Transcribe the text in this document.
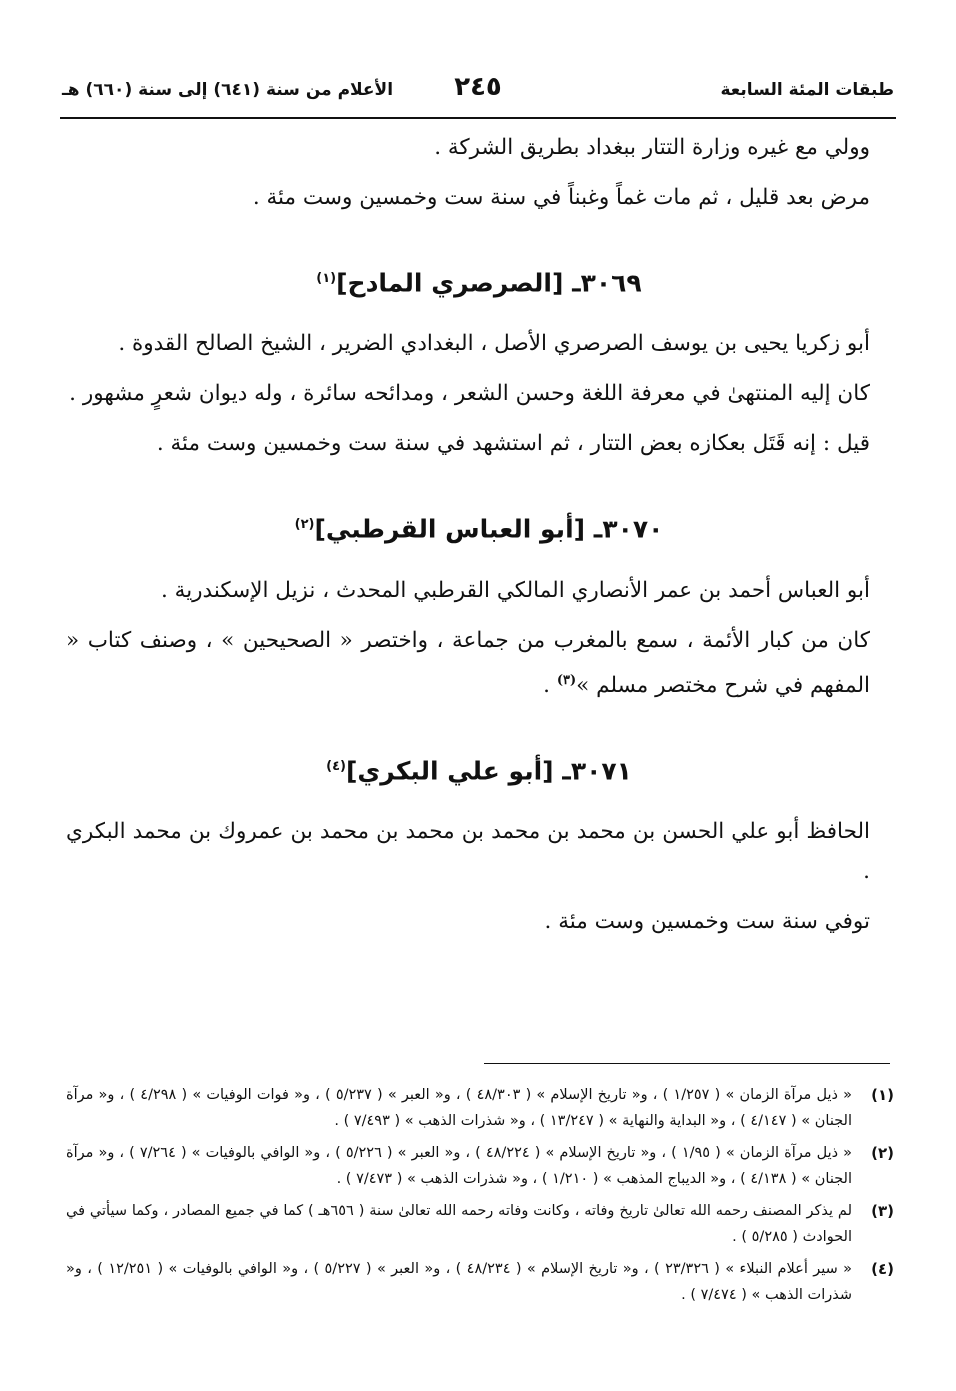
طبقات المئة السابعة
٢٤٥
الأعلام من سنة (٦٤١) إلى سنة (٦٦٠) هـ

وولي مع غيره وزارة التتار ببغداد بطريق الشركة .

مرض بعد قليل ، ثم مات غماً وغبناً في سنة ست وخمسين وست مئة .

٣٠٦٩ـ [الصرصري المادح]$^{(١)}$

أبو زكريا يحيى بن يوسف الصرصري الأصل ، البغدادي الضرير ، الشيخ الصالح القدوة .

كان إليه المنتهىٰ في معرفة اللغة وحسن الشعر ، ومدائحه سائرة ، وله ديوان شعرٍ مشهور .

قيل : إنه قَتَل بعكازه بعض التتار ، ثم استشهد في سنة ست وخمسين وست مئة .

٣٠٧٠ـ [أبو العباس القرطبي]$^{(٢)}$

أبو العباس أحمد بن عمر الأنصاري المالكي القرطبي المحدث ، نزيل الإسكندرية .

كان من كبار الأئمة ، سمع بالمغرب من جماعة ، واختصر « الصحيحين » ، وصنف كتاب « المفهم في شرح مختصر مسلم »$^{(٣)}$ .

٣٠٧١ـ [أبو علي البكري]$^{(٤)}$

الحافظ أبو علي الحسن بن محمد بن محمد بن محمد بن محمد بن عمروك بن محمد البكري .

توفي سنة ست وخمسين وست مئة .

(١)
« ذيل مرآة الزمان » ( ١/٢٥٧ ) ، و« تاريخ الإسلام » ( ٤٨/٣٠٣ ) ، و« العبر » ( ٥/٢٣٧ ) ، و« فوات الوفيات » ( ٤/٢٩٨ ) ، و« مرآة الجنان » ( ٤/١٤٧ ) ، و« البداية والنهاية » ( ١٣/٢٤٧ ) ، و« شذرات الذهب » ( ٧/٤٩٣ ) .
(٢)
« ذيل مرآة الزمان » ( ١/٩٥ ) ، و« تاريخ الإسلام » ( ٤٨/٢٢٤ ) ، و« العبر » ( ٥/٢٢٦ ) ، و« الوافي بالوفيات » ( ٧/٢٦٤ ) ، و« مرآة الجنان » ( ٤/١٣٨ ) ، و« الديباج المذهب » ( ١/٢١٠ ) ، و« شذرات الذهب » ( ٧/٤٧٣ ) .
(٣)
لم يذكر المصنف رحمه الله تعالىٰ تاريخ وفاته ، وكانت وفاته رحمه الله تعالىٰ سنة ( ٦٥٦هـ ) كما في جميع المصادر ، وكما سيأتي في الحوادث ( ٥/٢٨٥ ) .
(٤)
« سير أعلام النبلاء » ( ٢٣/٣٢٦ ) ، و« تاريخ الإسلام » ( ٤٨/٢٣٤ ) ، و« العبر » ( ٥/٢٢٧ ) ، و« الوافي بالوفيات » ( ١٢/٢٥١ ) ، و« شذرات الذهب » ( ٧/٤٧٤ ) .
